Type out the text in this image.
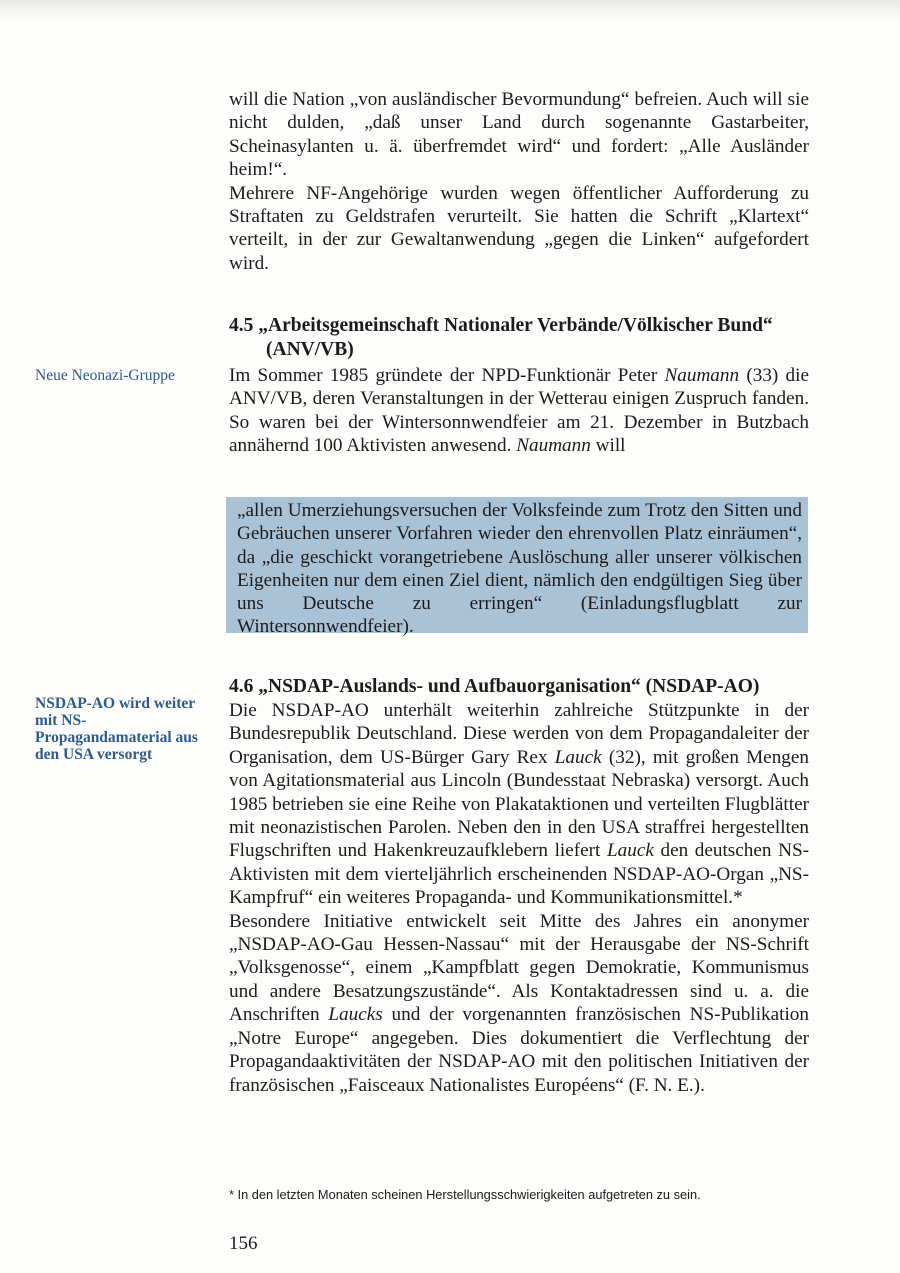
will die Nation „von ausländischer Bevormundung“ befreien. Auch will sie nicht dulden, „daß unser Land durch sogenannte Gastarbeiter, Scheinasylanten u. ä. überfremdet wird“ und fordert: „Alle Ausländer heim!“.

Mehrere NF-Angehörige wurden wegen öffentlicher Aufforderung zu Straftaten zu Geldstrafen verurteilt. Sie hatten die Schrift „Klartext“ verteilt, in der zur Gewaltanwendung „gegen die Linken“ aufgefordert wird.

Neue Neonazi-Gruppe

4.5 „Arbeitsgemeinschaft Nationaler Verbände/Völkischer Bund“
(ANV/VB)

Im Sommer 1985 gründete der NPD-Funktionär Peter Naumann (33) die ANV/VB, deren Veranstaltungen in der Wetterau einigen Zuspruch fanden. So waren bei der Wintersonnwendfeier am 21. Dezember in Butzbach annähernd 100 Aktivisten anwesend. Naumann will

„allen Umerziehungsversuchen der Volksfeinde zum Trotz den Sitten und Gebräuchen unserer Vorfahren wieder den ehrenvollen Platz einräumen“, da „die geschickt vorangetriebene Auslöschung aller unserer völkischen Eigenheiten nur dem einen Ziel dient, nämlich den endgültigen Sieg über uns Deutsche zu erringen“ (Einladungsflugblatt zur Wintersonnwendfeier).

NSDAP-AO wird weiter mit NS-Propagandamaterial aus den USA versorgt

4.6 „NSDAP-Auslands- und Aufbauorganisation“ (NSDAP-AO)

Die NSDAP-AO unterhält weiterhin zahlreiche Stützpunkte in der Bundesrepublik Deutschland. Diese werden von dem Propagandaleiter der Organisation, dem US-Bürger Gary Rex Lauck (32), mit großen Mengen von Agitationsmaterial aus Lincoln (Bundesstaat Nebraska) versorgt. Auch 1985 betrieben sie eine Reihe von Plakataktionen und verteilten Flugblätter mit neonazistischen Parolen. Neben den in den USA straffrei hergestellten Flugschriften und Hakenkreuzaufklebern liefert Lauck den deutschen NS-Aktivisten mit dem vierteljährlich erscheinenden NSDAP-AO-Organ „NS-Kampfruf“ ein weiteres Propaganda- und Kommunikationsmittel.*

Besondere Initiative entwickelt seit Mitte des Jahres ein anonymer „NSDAP-AO-Gau Hessen-Nassau“ mit der Herausgabe der NS-Schrift „Volksgenosse“, einem „Kampfblatt gegen Demokratie, Kommunismus und andere Besatzungszustände“. Als Kontaktadressen sind u. a. die Anschriften Laucks und der vorgenannten französischen NS-Publikation „Notre Europe“ angegeben. Dies dokumentiert die Verflechtung der Propagandaaktivitäten der NSDAP-AO mit den politischen Initiativen der französischen „Faisceaux Nationalistes Européens“ (F. N. E.).

* In den letzten Monaten scheinen Herstellungsschwierigkeiten aufgetreten zu sein.

156
